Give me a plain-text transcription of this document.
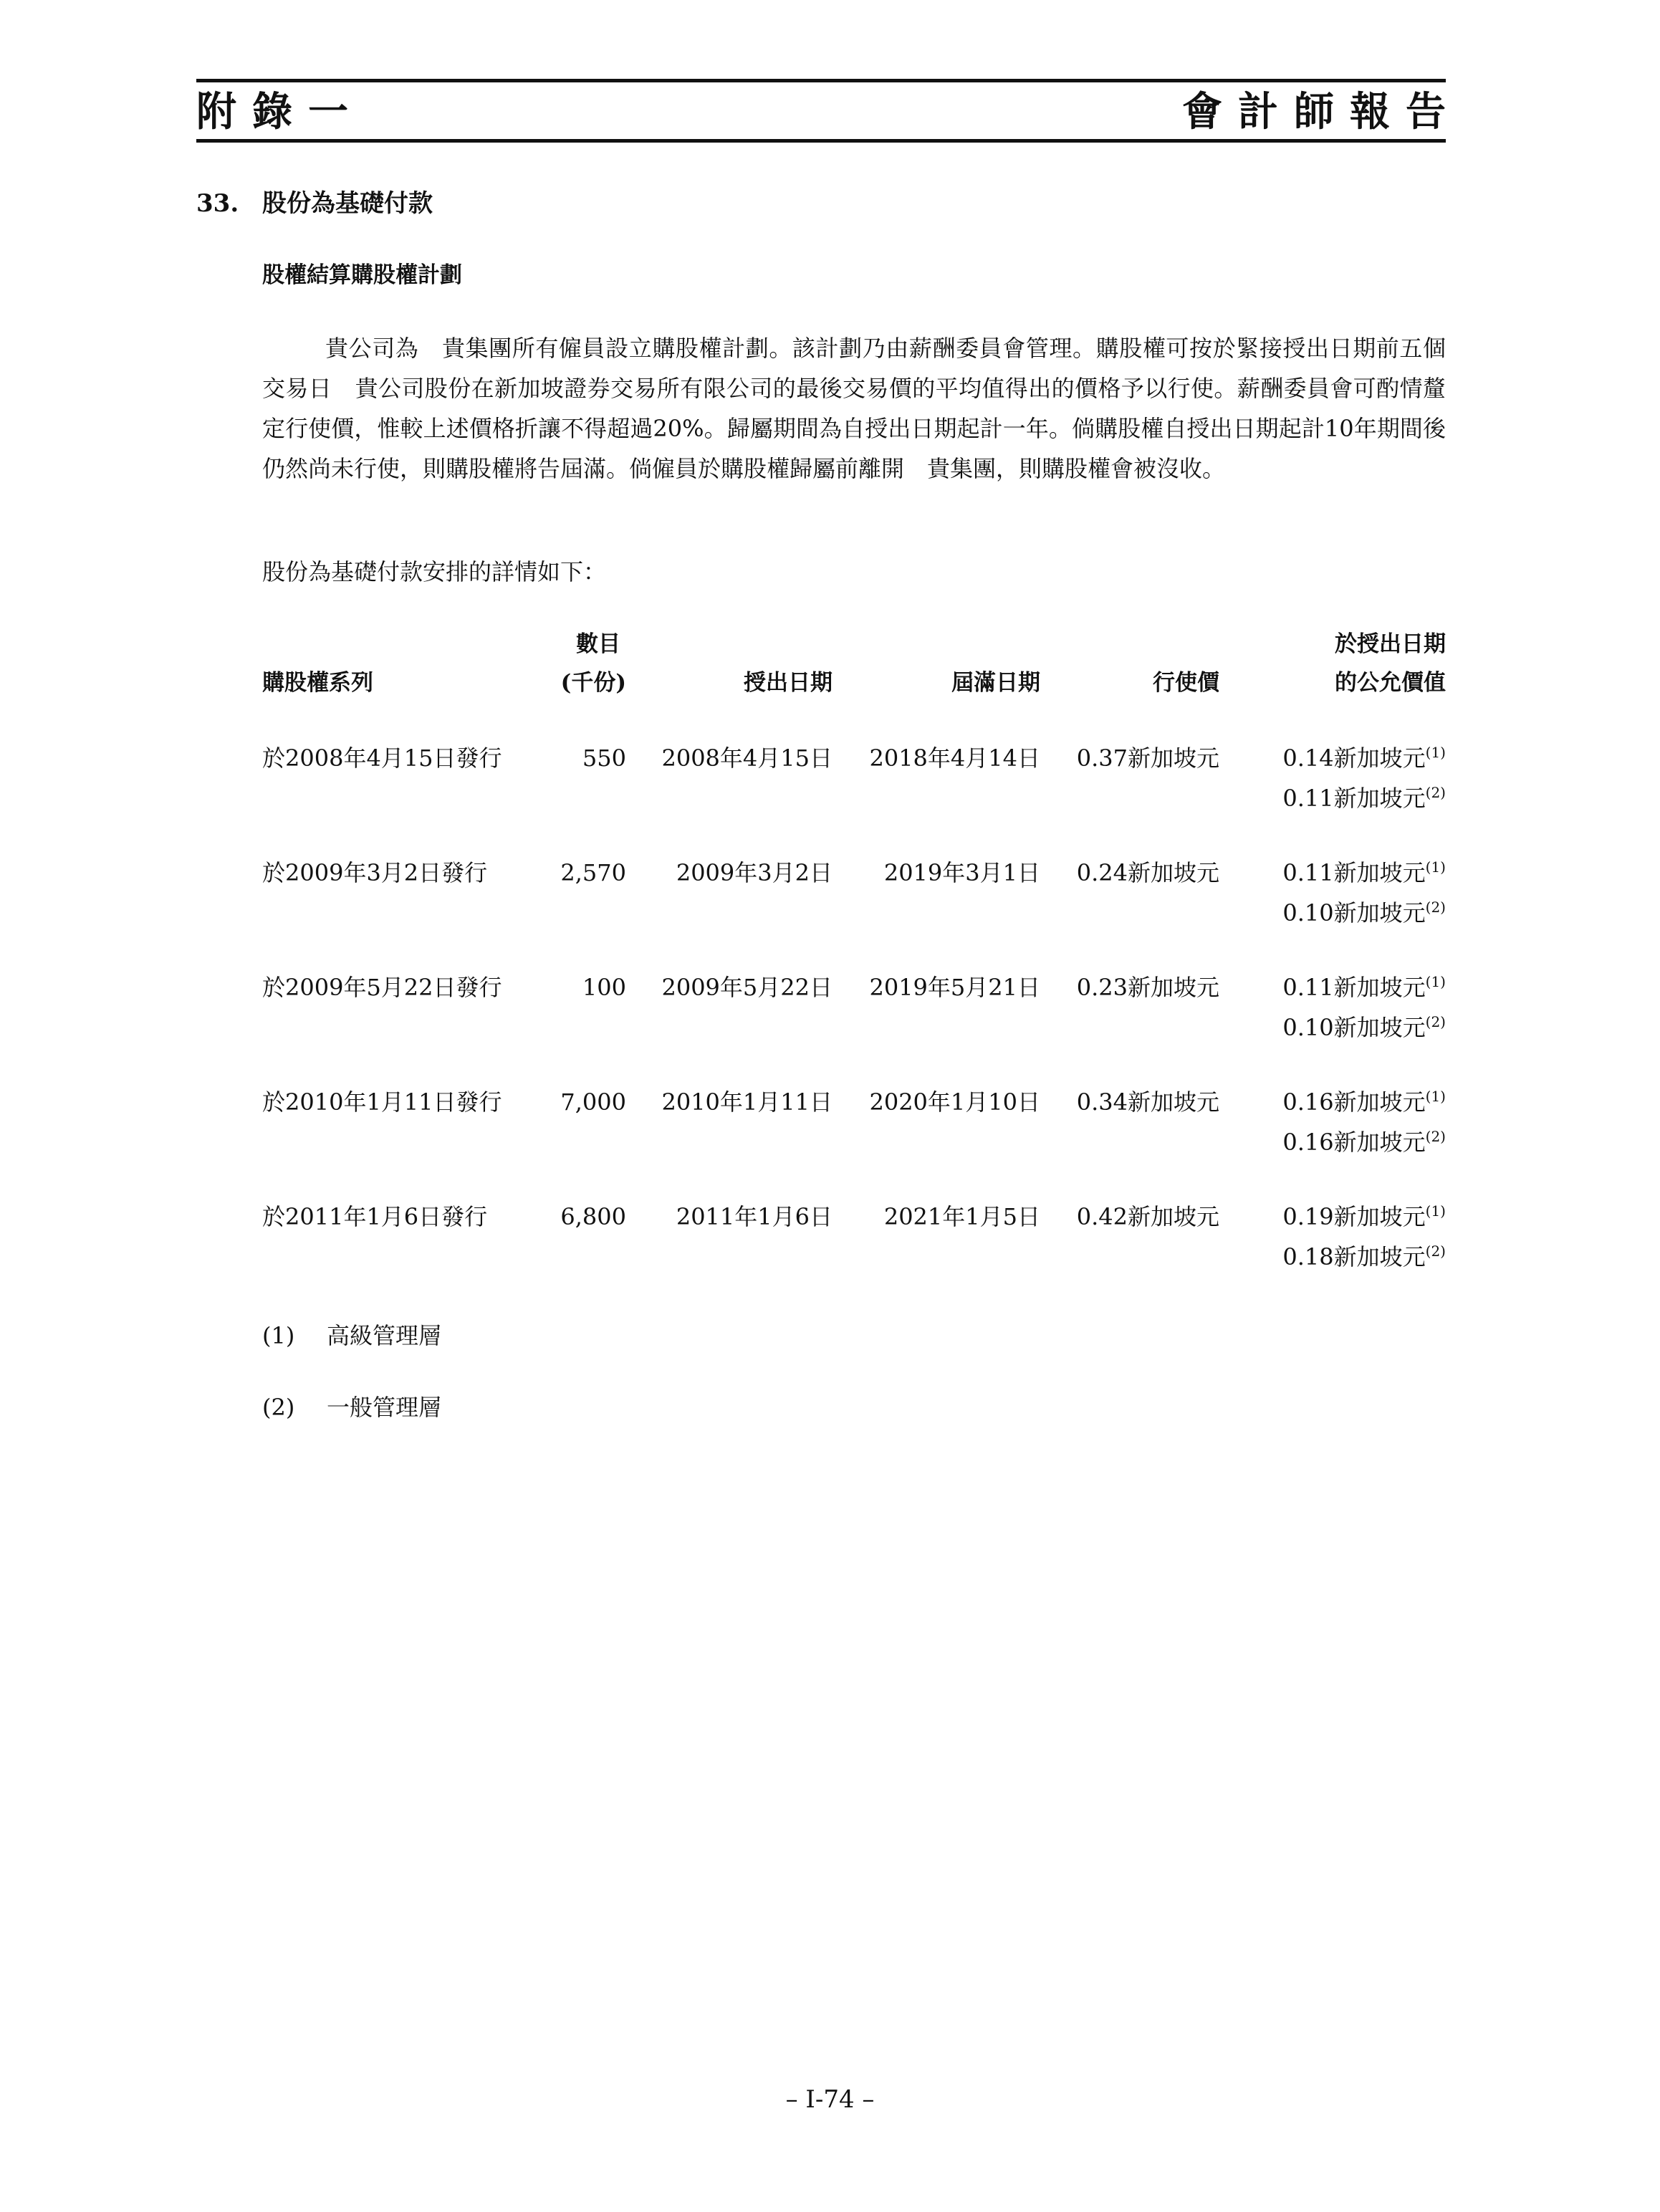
附錄一	會計師報告
33. 股份為基礎付款
股權結算購股權計劃
貴公司為　貴集團所有僱員設立購股權計劃。該計劃乃由薪酬委員會管理。購股權可按於緊接授出日期前五個交易日　貴公司股份在新加坡證券交易所有限公司的最後交易價的平均值得出的價格予以行使。薪酬委員會可酌情釐定行使價，惟較上述價格折讓不得超過20%。歸屬期間為自授出日期起計一年。倘購股權自授出日期起計10年期間後仍然尚未行使，則購股權將告屆滿。倘僱員於購股權歸屬前離開　貴集團，則購股權會被沒收。
股份為基礎付款安排的詳情如下：
購股權系列
數目
(千份)	授出日期	屆滿日期	行使價
於授出日期
的公允價值
於2008年4月15日發行	550 2008年4月15日 2018年4月14日 0.37新加坡元	0.14新加坡元$^{(1)}$
0.11新加坡元$^{(2)}$
於2009年3月2日發行	2,570 2009年3月2日 2019年3月1日 0.24新加坡元	0.11新加坡元$^{(1)}$
0.10新加坡元$^{(2)}$
於2009年5月22日發行	100 2009年5月22日 2019年5月21日 0.23新加坡元	0.11新加坡元$^{(1)}$
0.10新加坡元$^{(2)}$
於2010年1月11日發行	7,000 2010年1月11日 2020年1月10日 0.34新加坡元	0.16新加坡元$^{(1)}$
0.16新加坡元$^{(2)}$
於2011年1月6日發行	6,800 2011年1月6日 2021年1月5日 0.42新加坡元	0.19新加坡元$^{(1)}$
0.18新加坡元$^{(2)}$
(1) 高級管理層
(2) 一般管理層
– I-74 –
